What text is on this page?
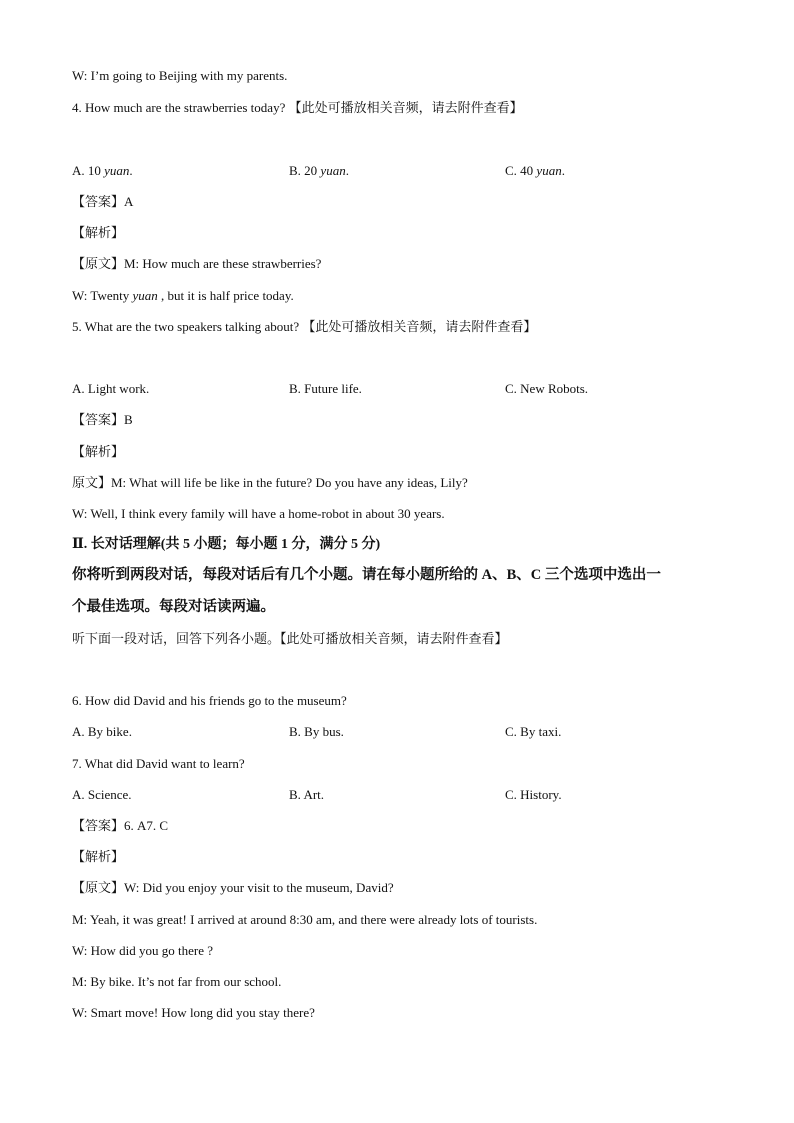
W: I’m going to Beijing with my parents.
4. How much are the strawberries today? 【此处可播放相关音频，请去附件查看】
A. 10 yuan.	B. 20 yuan.	C. 40 yuan.
【答案】A
【解析】
【原文】M: How much are these strawberries?
W: Twenty yuan , but it is half price today.
5. What are the two speakers talking about? 【此处可播放相关音频，请去附件查看】
A. Light work.	B. Future life.	C. New Robots.
【答案】B
【解析】
原文】M: What will life be like in the future? Do you have any ideas, Lily?
W: Well, I think every family will have a home-robot in about 30 years.
Ⅱ. 长对话理解(共 5 小题；每小题 1 分，满分 5 分)
你将听到两段对话，每段对话后有几个小题。请在每小题所给的 A、B、C 三个选项中选出一
个最佳选项。每段对话读两遍。
听下面一段对话，回答下列各小题。【此处可播放相关音频，请去附件查看】
6. How did David and his friends go to the museum?
A. By bike.	B. By bus.	C. By taxi.
7. What did David want to learn?
A. Science.	B. Art.	C. History.
【答案】6. A7. C
【解析】
【原文】W: Did you enjoy your visit to the museum, David?
M: Yeah, it was great! I arrived at around 8:30 am, and there were already lots of tourists.
W: How did you go there ?
M: By bike. It’s not far from our school.
W: Smart move! How long did you stay there?
